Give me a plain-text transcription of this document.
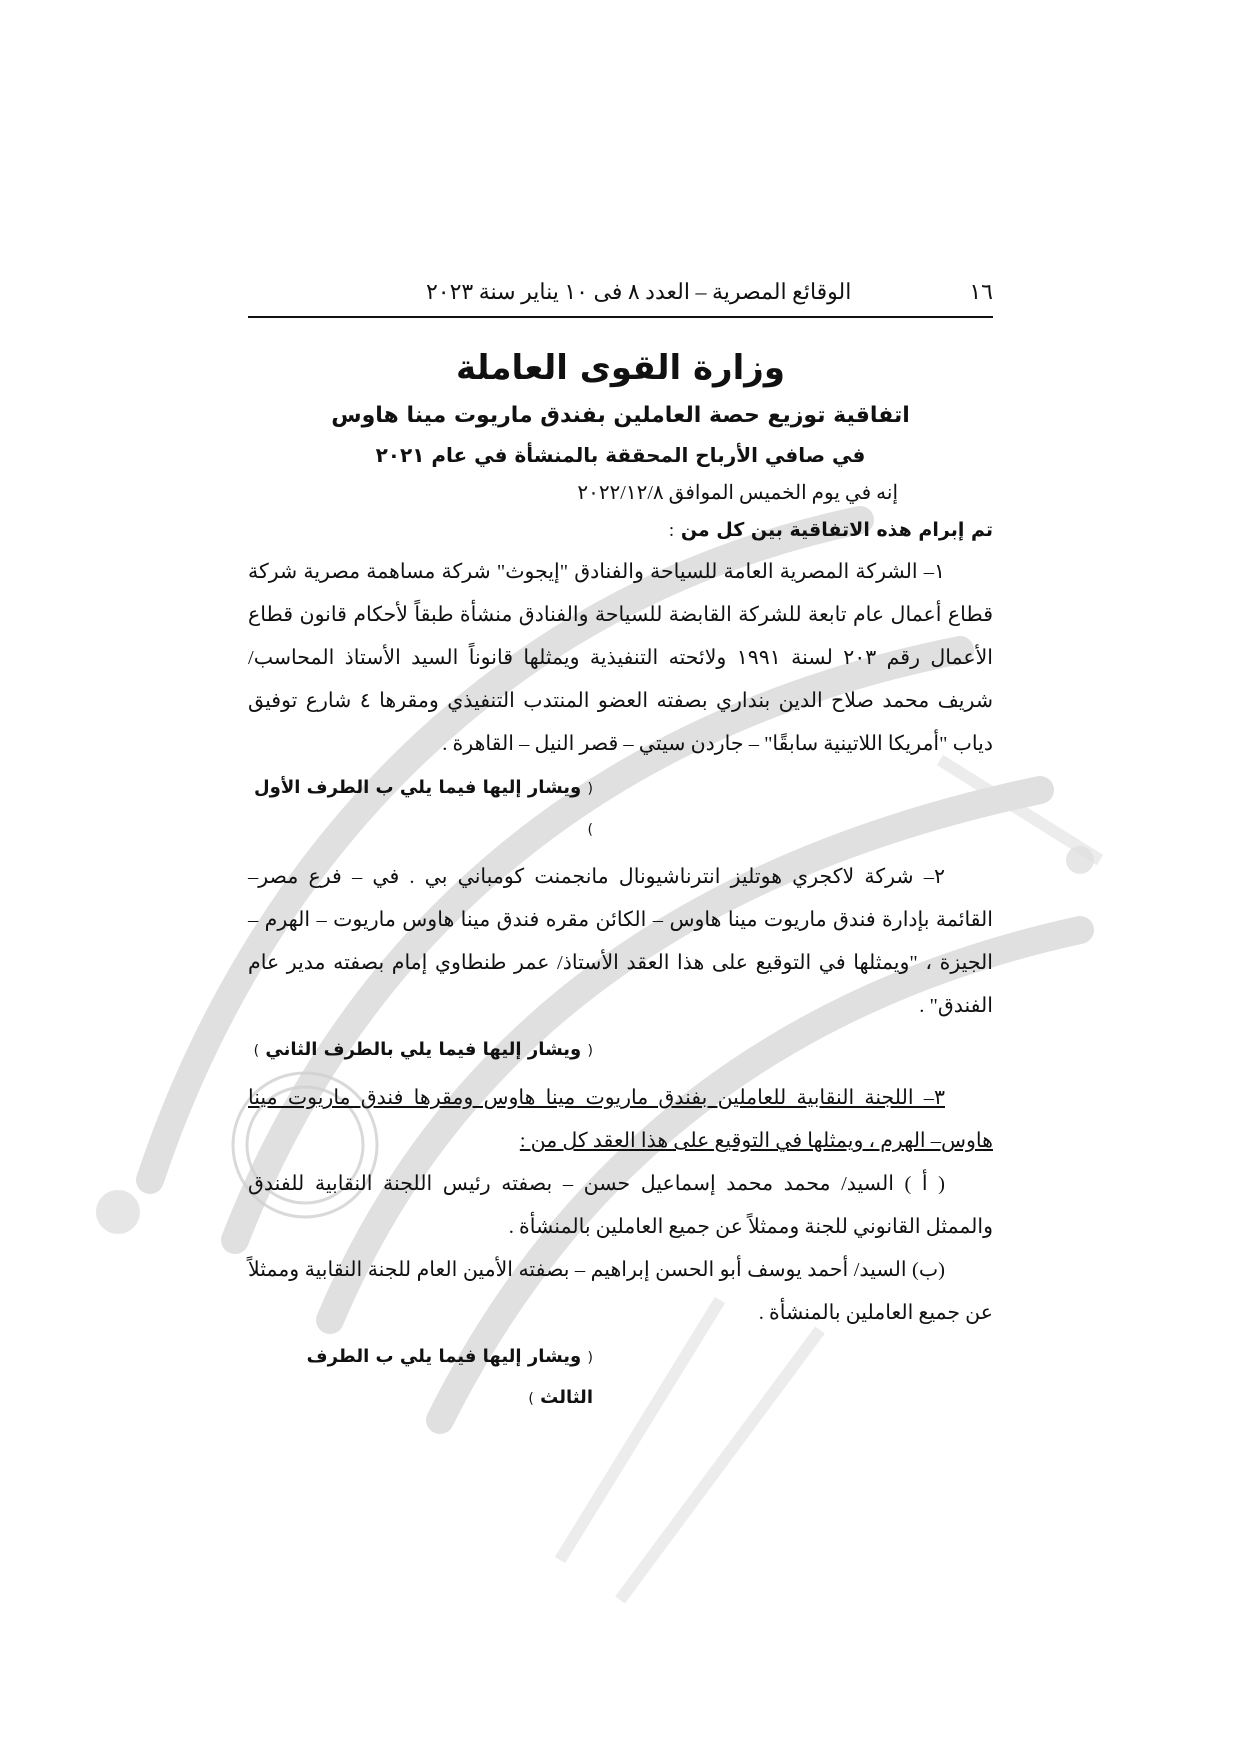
١٦
الوقائع المصرية – العدد ٨ فى ١٠ يناير سنة ٢٠٢٣
وزارة القوى العاملة
اتفاقية توزيع حصة العاملين بفندق ماريوت مينا هاوس
في صافي الأرباح المحققة بالمنشأة في عام ٢٠٢١
إنه في يوم الخميس الموافق ٢٠٢٢/١٢/٨
تم إبرام هذه الاتفاقية بين كل من :

١– الشركة المصرية العامة للسياحة والفنادق "إيجوث" شركة مساهمة مصرية شركة قطاع أعمال عام تابعة للشركة القابضة للسياحة والفنادق منشأة طبقاً لأحكام قانون قطاع الأعمال رقم ٢٠٣ لسنة ١٩٩١ ولائحته التنفيذية ويمثلها قانوناً السيد الأستاذ المحاسب/ شريف محمد صلاح الدين بنداري بصفته العضو المنتدب التنفيذي ومقرها ٤ شارع توفيق دياب "أمريكا اللاتينية سابقًا" – جاردن سيتي – قصر النيل – القاهرة .

( ويشار إليها فيما يلي ب الطرف الأول )

٢– شركة لاكجري هوتليز انترناشيونال مانجمنت كومباني بي . في – فرع مصر– القائمة بإدارة فندق ماريوت مينا هاوس – الكائن مقره فندق مينا هاوس ماريوت – الهرم – الجيزة ، "ويمثلها في التوقيع على هذا العقد الأستاذ/ عمر طنطاوي إمام بصفته مدير عام الفندق" .

( ويشار إليها فيما يلي بالطرف الثاني )

٣– اللجنة النقابية للعاملين بفندق ماريوت مينا هاوس ومقرها فندق ماريوت مينا هاوس– الهرم ، ويمثلها في التوقيع على هذا العقد كل من :

( أ ) السيد/ محمد محمد إسماعيل حسن – بصفته رئيس اللجنة النقابية للفندق والممثل القانوني للجنة وممثلاً عن جميع العاملين بالمنشأة .

(ب) السيد/ أحمد يوسف أبو الحسن إبراهيم – بصفته الأمين العام للجنة النقابية وممثلاً عن جميع العاملين بالمنشأة .

( ويشار إليها فيما يلي ب الطرف الثالث )
